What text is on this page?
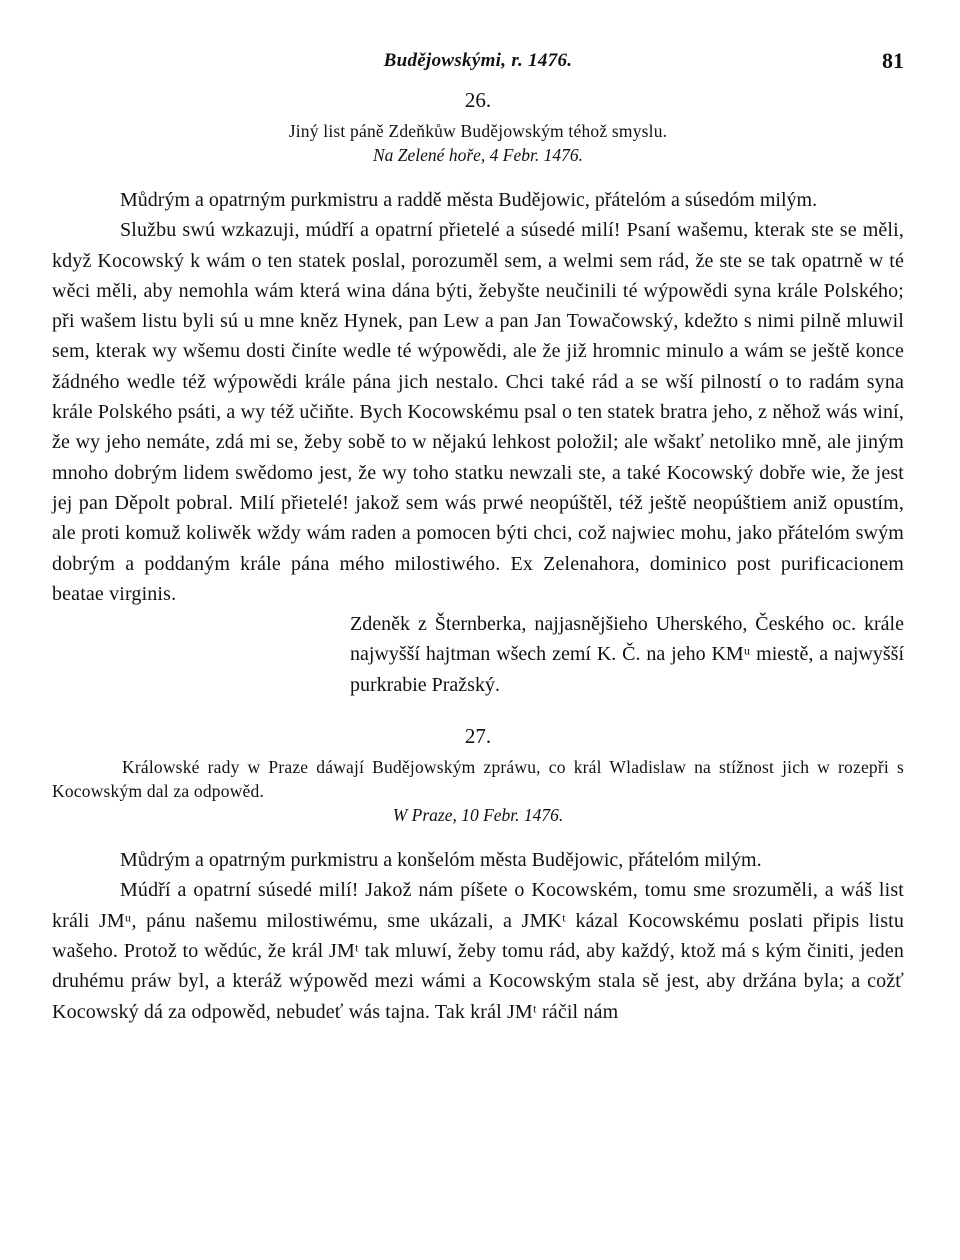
Budějowskými, r. 1476.	81
26.
Jiný list páně Zdeňkůw Budějowským téhož smyslu.
Na Zelené hoře, 4 Febr. 1476.

Můdrým a opatrným purkmistru a raddě města Budějowic, přátelóm a súsedóm milým.

Službu swú wzkazuji, múdří a opatrní přietelé a súsedé milí! Psaní wašemu, kterak ste se měli, když Kocowský k wám o ten statek poslal, porozuměl sem, a welmi sem rád, že ste se tak opatrně w té wěci měli, aby nemohla wám která wina dána býti, žebyšte neučinili té wýpowědi syna krále Polského; při wašem listu byli sú u mne kněz Hynek, pan Lew a pan Jan Towačowský, kdežto s nimi pilně mluwil sem, kterak wy wšemu dosti činíte wedle té wýpowědi, ale že již hromnic minulo a wám se ještě konce žádného wedle též wýpowědi krále pána jich nestalo. Chci také rád a se wší pilností o to radám syna krále Polského psáti, a wy též učiňte. Bych Kocowskému psal o ten statek bratra jeho, z něhož wás winí, že wy jeho nemáte, zdá mi se, žeby sobě to w nějakú lehkost položil; ale wšakť netoliko mně, ale jiným mnoho dobrým lidem swědomo jest, že wy toho statku newzali ste, a také Kocowský dobře wie, že jest jej pan Děpolt pobral. Milí přietelé! jakož sem wás prwé neopúštěl, též ještě neopúštiem aniž opustím, ale proti komuž koliwěk wždy wám raden a pomocen býti chci, což najwiec mohu, jako přátelóm swým dobrým a poddaným krále pána mého milostiwého. Ex Zelenahora, dominico post purificacionem beatae virginis.

Zdeněk z Šternberka, najjasnějšieho Uherského, Českého oc. krále najwyšší hajtman wšech zemí K. Č. na jeho KMᵘ miestě, a najwyšší purkrabie Pražský.
27.
Králowské rady w Praze dáwají Budějowským zpráwu, co král Wladislaw na stížnost jich w rozepři s Kocowským dal za odpowěd.
W Praze, 10 Febr. 1476.

Můdrým a opatrným purkmistru a konšelóm města Budějowic, přátelóm milým.

Múdří a opatrní súsedé milí! Jakož nám píšete o Kocowském, tomu sme srozuměli, a wáš list králi JMᵘ, pánu našemu milostiwému, sme ukázali, a JMKᵗ kázal Kocowskému poslati připis listu wašeho. Protož to wědúc, že král JMᵗ tak mluwí, žeby tomu rád, aby každý, ktož má s kým činiti, jeden druhému práw byl, a kteráž wýpowěd mezi wámi a Kocowským stala sě jest, aby držána byla; a cožť Kocowský dá za odpowěd, nebudeť wás tajna. Tak král JMᵗ ráčil nám
